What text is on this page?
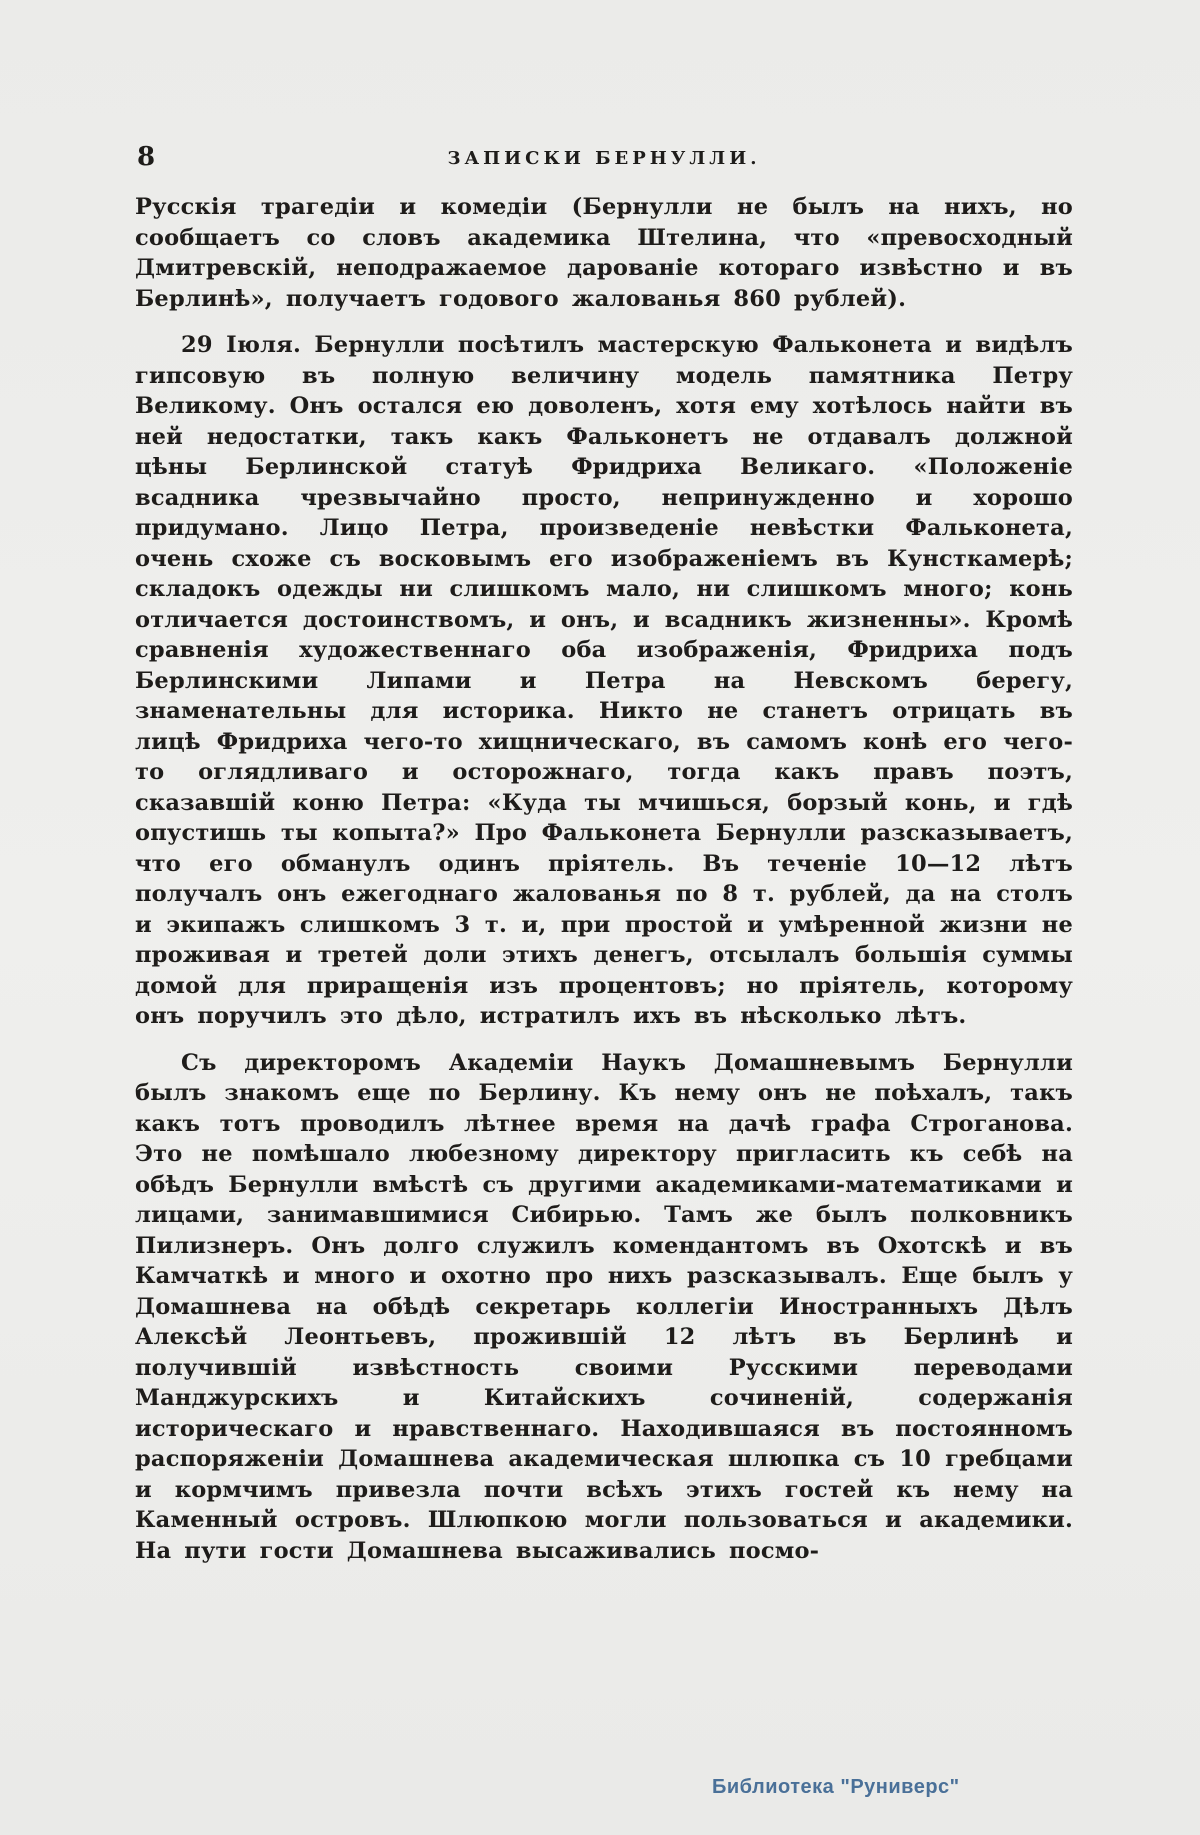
8	ЗАПИСКИ БЕРНУЛЛИ.

Русскія трагедіи и комедіи (Бернулли не былъ на нихъ, но сообщаетъ со словъ академика Штелина, что «превосходный Дмитревскій, неподражаемое дарованіе котораго извѣстно и въ Берлинѣ», получаетъ годового жалованья 860 рублей).

29 Іюля. Бернулли посѣтилъ мастерскую Фальконета и видѣлъ гипсовую въ полную величину модель памятника Петру Великому. Онъ остался ею доволенъ, хотя ему хотѣлось найти въ ней недостатки, такъ какъ Фальконетъ не отдавалъ должной цѣны Берлинской статуѣ Фридриха Великаго. «Положеніе всадника чрезвычайно просто, непринужденно и хорошо придумано. Лицо Петра, произведеніе невѣстки Фальконета, очень схоже съ восковымъ его изображеніемъ въ Кунсткамерѣ; складокъ одежды ни слишкомъ мало, ни слишкомъ много; конь отличается достоинствомъ, и онъ, и всадникъ жизненны». Кромѣ сравненія художественнаго оба изображенія, Фридриха подъ Берлинскими Липами и Петра на Невскомъ берегу, знаменательны для историка. Никто не станетъ отрицать въ лицѣ Фридриха чего-то хищническаго, въ самомъ конѣ его чего-то оглядливаго и осторожнаго, тогда какъ правъ поэтъ, сказавшій коню Петра: «Куда ты мчишься, борзый конь, и гдѣ опустишь ты копыта?» Про Фальконета Бернулли разсказываетъ, что его обманулъ одинъ пріятель. Въ теченіе 10—12 лѣтъ получалъ онъ ежегоднаго жалованья по 8 т. рублей, да на столъ и экипажъ слишкомъ 3 т. и, при простой и умѣренной жизни не проживая и третей доли этихъ денегъ, отсылалъ большія суммы домой для приращенія изъ процентовъ; но пріятель, которому онъ поручилъ это дѣло, истратилъ ихъ въ нѣсколько лѣтъ.

Съ директоромъ Академіи Наукъ Домашневымъ Бернулли былъ знакомъ еще по Берлину. Къ нему онъ не поѣхалъ, такъ какъ тотъ проводилъ лѣтнее время на дачѣ графа Строганова. Это не помѣшало любезному директору пригласить къ себѣ на обѣдъ Бернулли вмѣстѣ съ другими академиками-математиками и лицами, занимавшимися Сибирью. Тамъ же былъ полковникъ Пилизнеръ. Онъ долго служилъ комендантомъ въ Охотскѣ и въ Камчаткѣ и много и охотно про нихъ разсказывалъ. Еще былъ у Домашнева на обѣдѣ секретарь коллегіи Иностранныхъ Дѣлъ Алексѣй Леонтьевъ, прожившій 12 лѣтъ въ Берлинѣ и получившій извѣстность своими Русскими переводами Манджурскихъ и Китайскихъ сочиненій, содержанія историческаго и нравственнаго. Находившаяся въ постоянномъ распоряженіи Домашнева академическая шлюпка съ 10 гребцами и кормчимъ привезла почти всѣхъ этихъ гостей къ нему на Каменный островъ. Шлюпкою могли пользоваться и академики. На пути гости Домашнева высаживались посмо-

Библиотека "Руниверс"
